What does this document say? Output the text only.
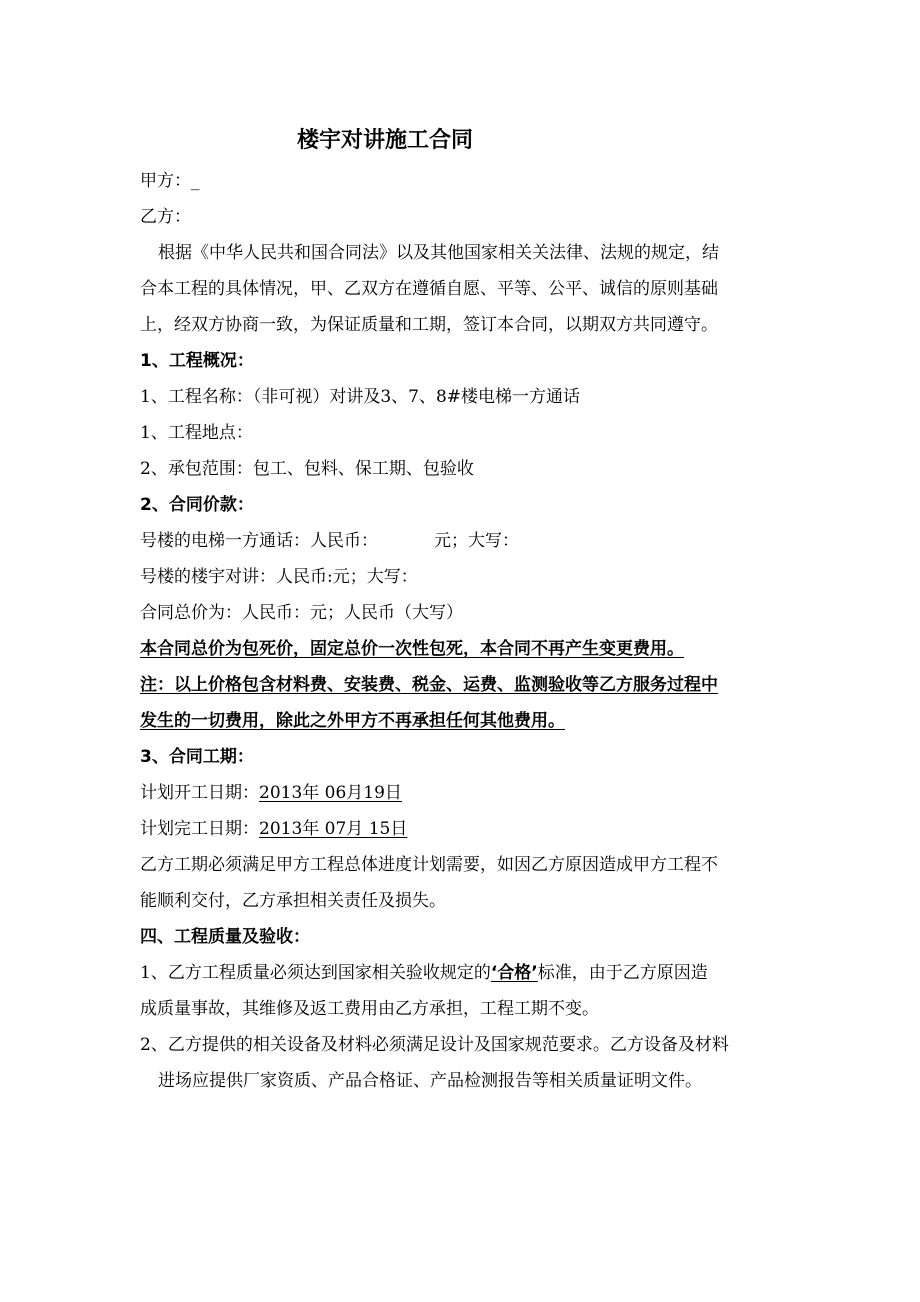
楼宇对讲施工合同
甲方：_
乙方：
根据《中华人民共和国合同法》以及其他国家相关关法律、法规的规定，结
合本工程的具体情况，甲、乙双方在遵循自愿、平等、公平、诚信的原则基础
上，经双方协商一致，为保证质量和工期，签订本合同，以期双方共同遵守。
1、工程概况：
1、工程名称：（非可视）对讲及3、7、8#楼电梯一方通话
1、工程地点：
2、承包范围：包工、包料、保工期、包验收
2、合同价款：
号楼的电梯一方通话：人民币：	元；大写：
号楼的楼宇对讲：人民币:元；大写：
合同总价为：人民币：元；人民币（大写）
本合同总价为包死价，固定总价一次性包死，本合同不再产生变更费用。
注：以上价格包含材料费、安装费、税金、运费、监测验收等乙方服务过程中
发生的一切费用，除此之外甲方不再承担任何其他费用。
3、合同工期：
计划开工日期：2013年 06月19日
计划完工日期：2013年 07月 15日
乙方工期必须满足甲方工程总体进度计划需要，如因乙方原因造成甲方工程不
能顺利交付，乙方承担相关责任及损失。
四、工程质量及验收：
1、乙方工程质量必须达到国家相关验收规定的‘合格’标准，由于乙方原因造
成质量事故，其维修及返工费用由乙方承担，工程工期不变。
2、乙方提供的相关设备及材料必须满足设计及国家规范要求。乙方设备及材料
进场应提供厂家资质、产品合格证、产品检测报告等相关质量证明文件。
